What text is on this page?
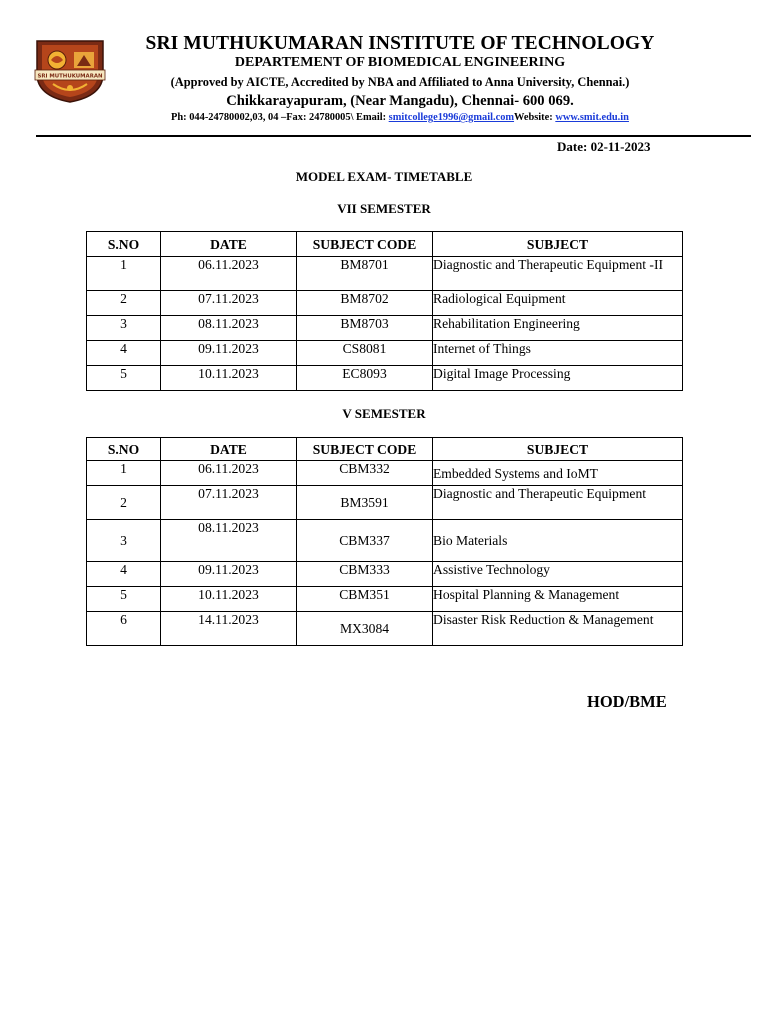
SRI MUTHUKUMARAN
SRI MUTHUKUMARAN INSTITUTE OF TECHNOLOGY
DEPARTEMENT OF BIOMEDICAL ENGINEERING
(Approved by AICTE, Accredited by NBA and Affiliated to Anna University, Chennai.)
Chikkarayapuram, (Near Mangadu), Chennai- 600 069.
Ph: 044-24780002,03, 04 –Fax: 24780005\ Email: smitcollege1996@gmail.comWebsite: www.smit.edu.in
Date: 02-11-2023
MODEL EXAM- TIMETABLE
VII SEMESTER
S.NO	DATE	SUBJECT CODE	SUBJECT
1	06.11.2023	BM8701	Diagnostic and Therapeutic Equipment -II
2	07.11.2023	BM8702	Radiological Equipment
3	08.11.2023	BM8703	Rehabilitation Engineering
4	09.11.2023	CS8081	Internet of Things
5	10.11.2023	EC8093	Digital Image Processing
V SEMESTER
S.NO	DATE	SUBJECT CODE	SUBJECT
1	06.11.2023	CBM332	Embedded Systems and IoMT
2	07.11.2023	BM3591	Diagnostic and Therapeutic Equipment
3	08.11.2023	CBM337	Bio Materials
4	09.11.2023	CBM333	Assistive Technology
5	10.11.2023	CBM351	Hospital Planning & Management
6	14.11.2023	MX3084	Disaster Risk Reduction & Management
HOD/BME
